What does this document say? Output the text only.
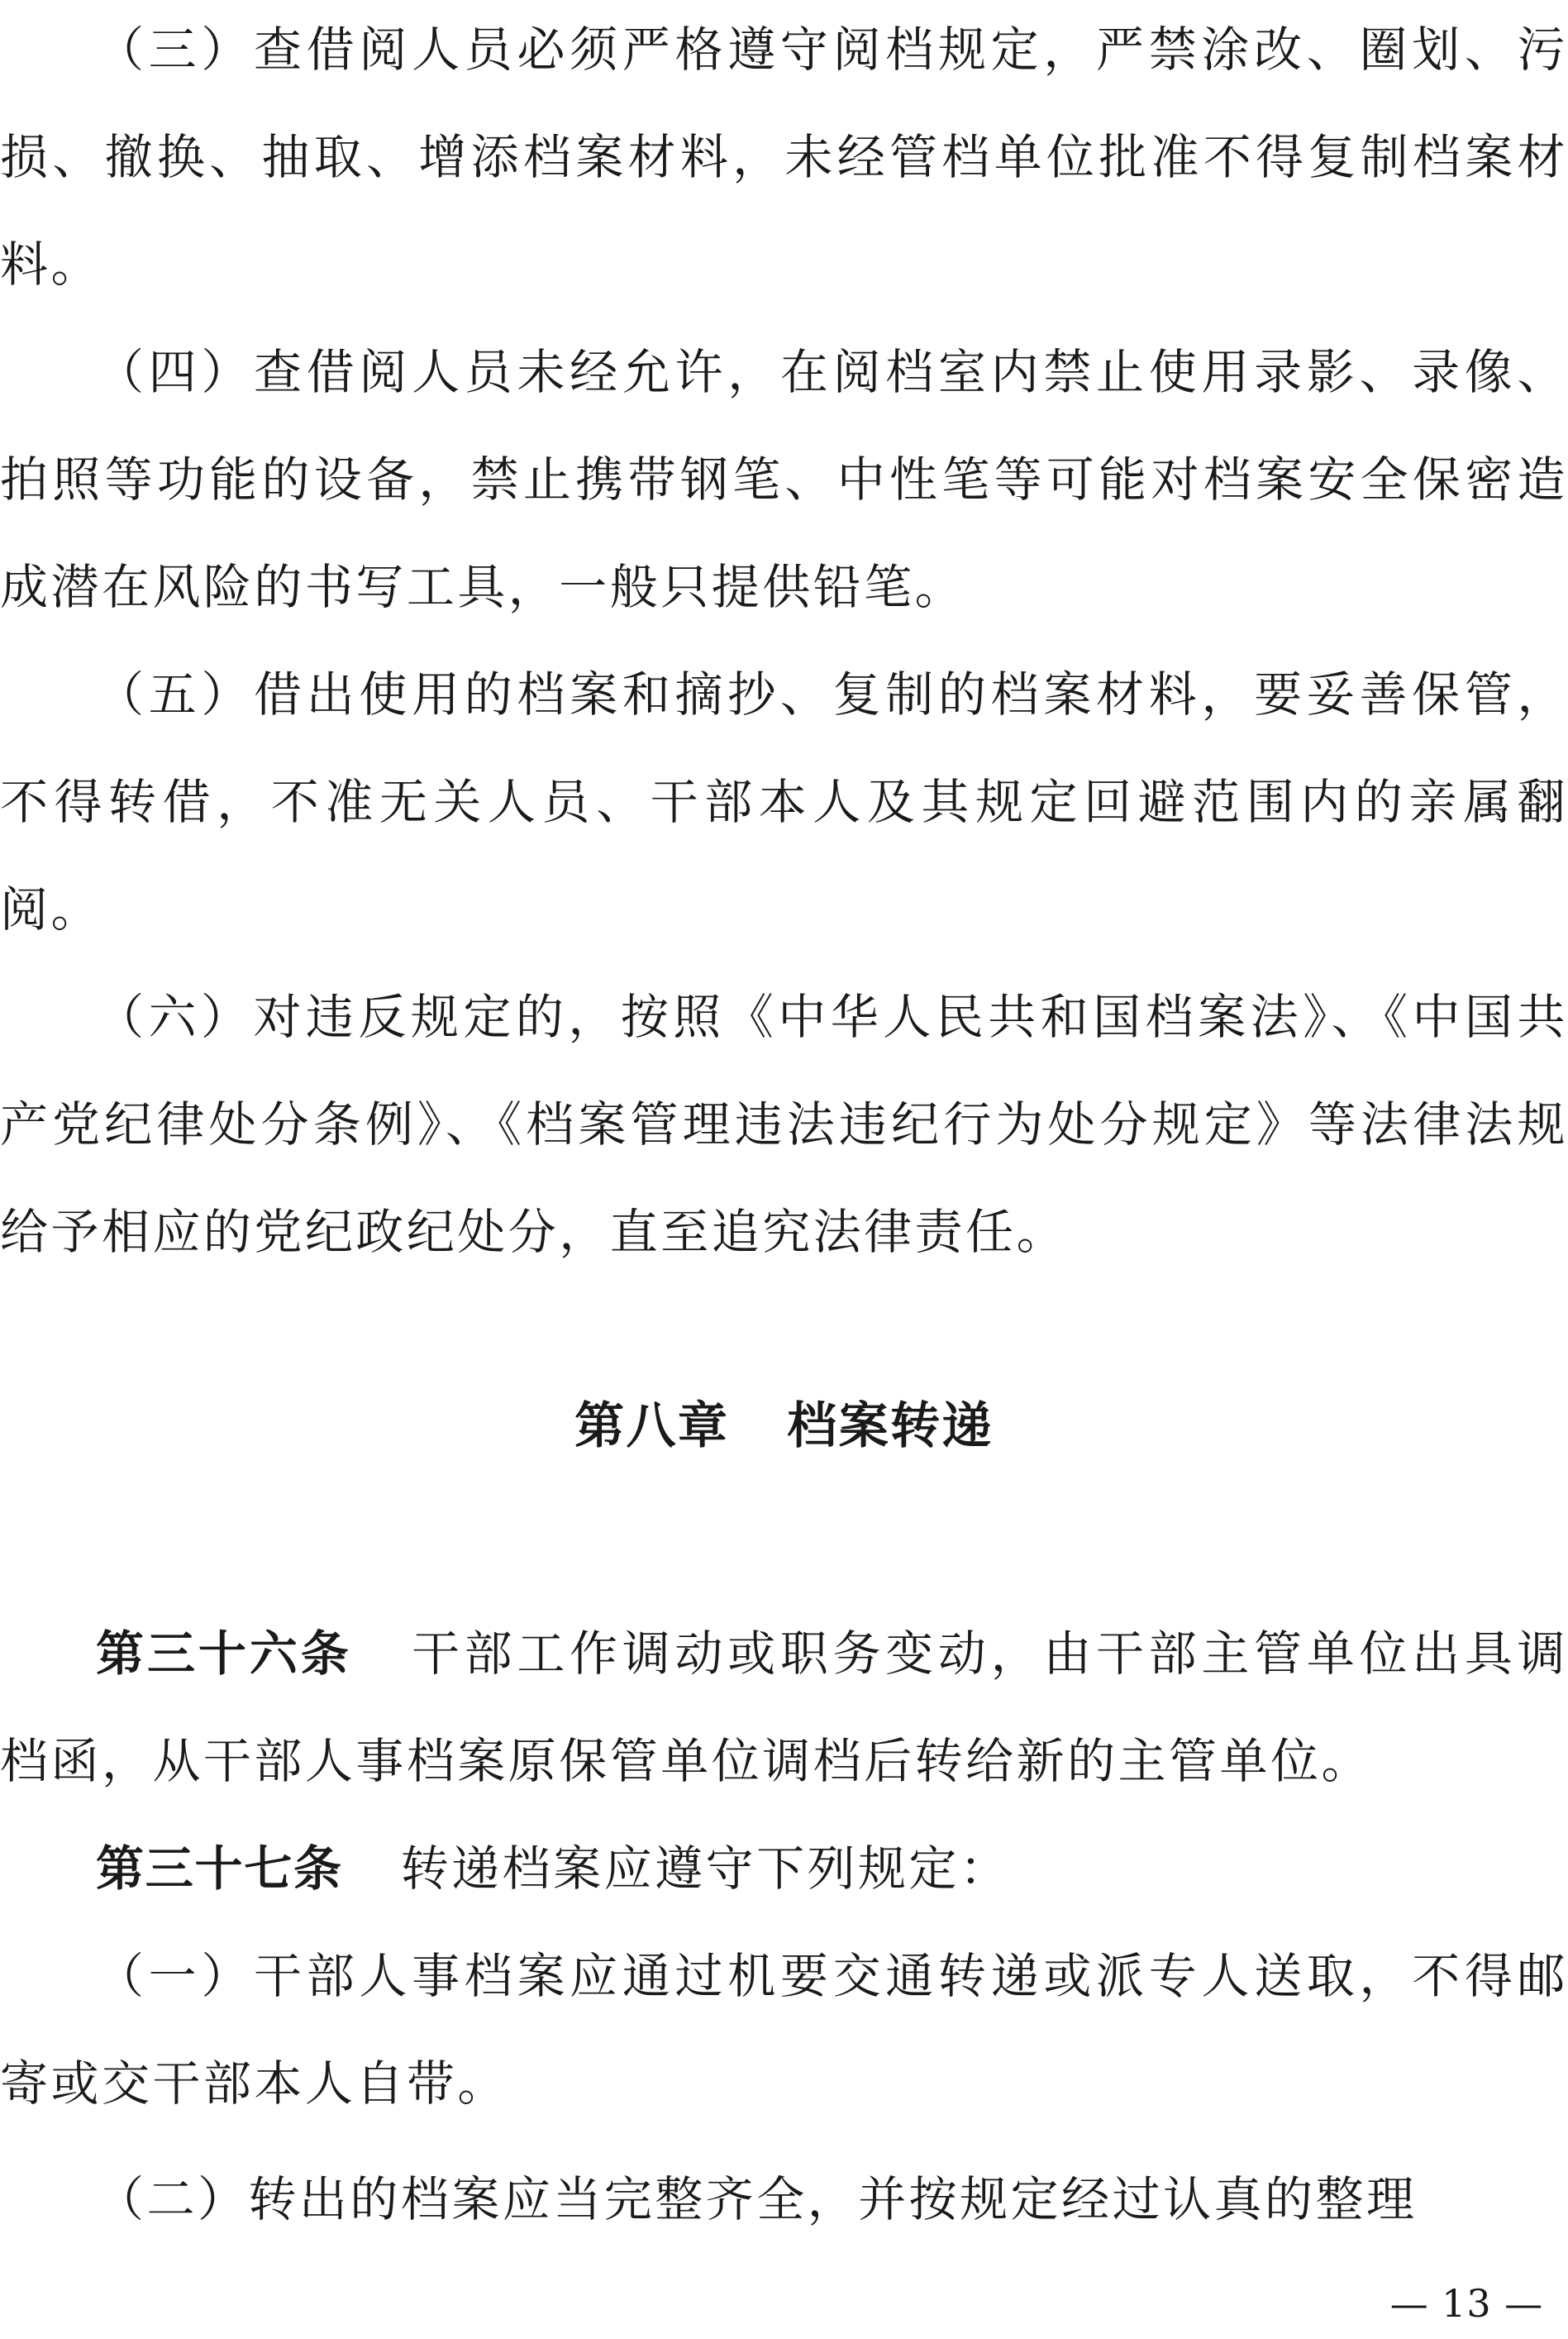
（三）查借阅人员必须严格遵守阅档规定，严禁涂改、圈划、污损、撤换、抽取、增添档案材料，未经管档单位批准不得复制档案材料。

（四）查借阅人员未经允许，在阅档室内禁止使用录影、录像、拍照等功能的设备，禁止携带钢笔、中性笔等可能对档案安全保密造成潜在风险的书写工具，一般只提供铅笔。

（五）借出使用的档案和摘抄、复制的档案材料，要妥善保管，不得转借，不准无关人员、干部本人及其规定回避范围内的亲属翻阅。

（六）对违反规定的，按照《中华人民共和国档案法》、《中国共产党纪律处分条例》、《档案管理违法违纪行为处分规定》等法律法规给予相应的党纪政纪处分，直至追究法律责任。

第八章 档案转递

第三十六条 干部工作调动或职务变动，由干部主管单位出具调档函，从干部人事档案原保管单位调档后转给新的主管单位。

第三十七条 转递档案应遵守下列规定：

（一）干部人事档案应通过机要交通转递或派专人送取，不得邮寄或交干部本人自带。

（二）转出的档案应当完整齐全，并按规定经过认真的整理

— 13 —
